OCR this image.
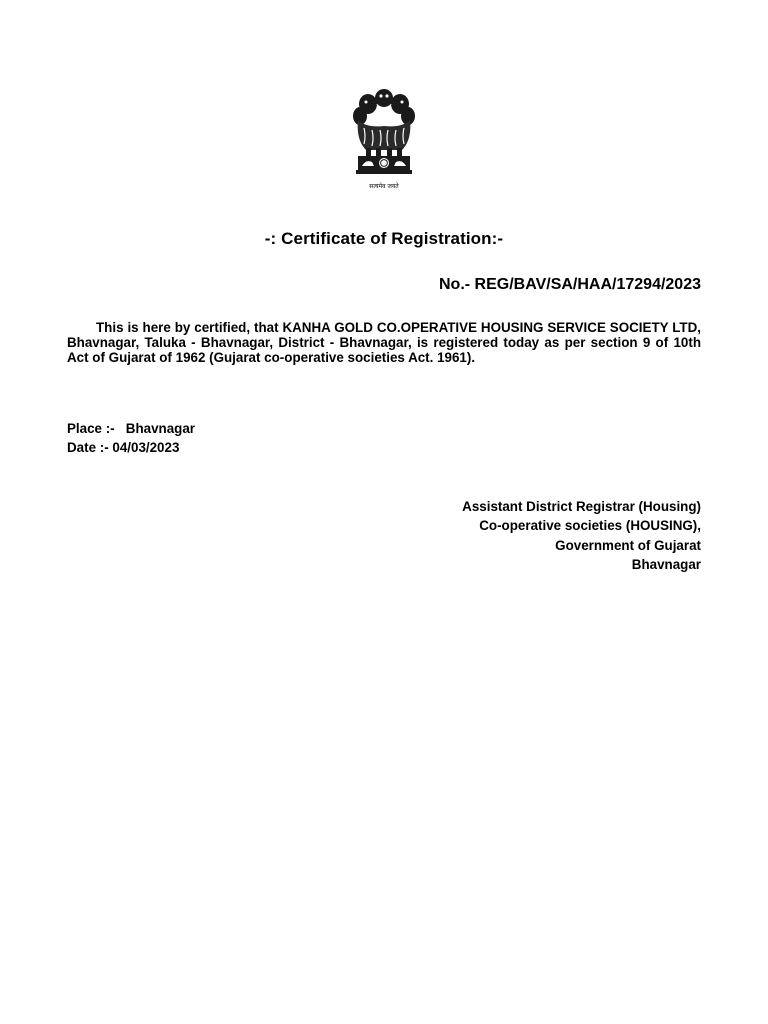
सत्यमेव जयते
-: Certificate of Registration:-
No.- REG/BAV/SA/HAA/17294/2023
This is here by certified, that KANHA GOLD CO.OPERATIVE HOUSING SERVICE SOCIETY LTD, Bhavnagar, Taluka - Bhavnagar, District - Bhavnagar, is registered today as per section 9 of 10th Act of Gujarat of 1962 (Gujarat co-operative societies Act. 1961).
Place :-   Bhavnagar
Date :- 04/03/2023
Assistant District Registrar (Housing)
Co-operative societies (HOUSING),
Government of Gujarat
Bhavnagar
